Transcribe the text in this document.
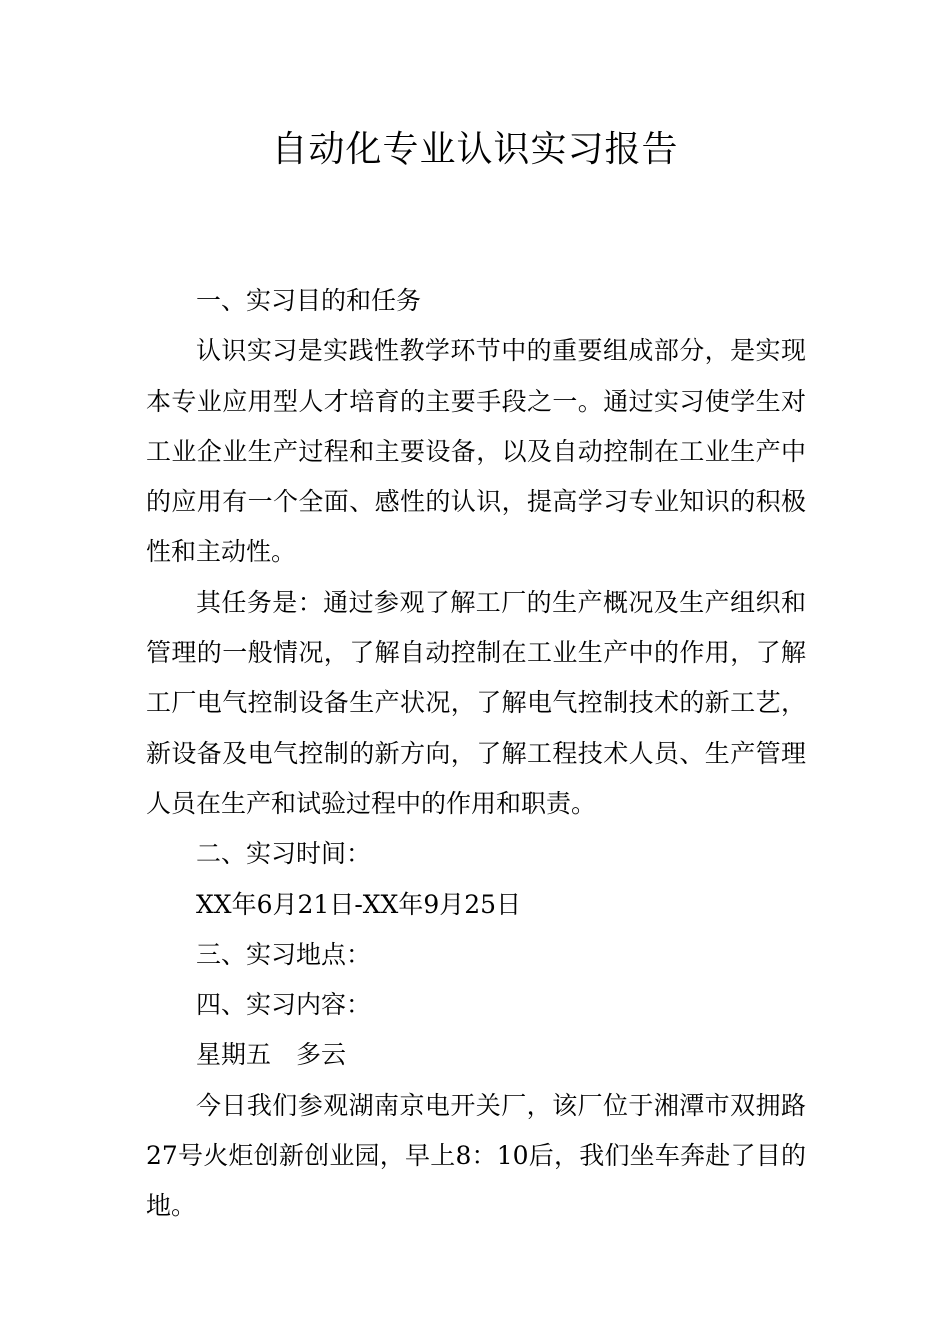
自动化专业认识实习报告

一、实习目的和任务

认识实习是实践性教学环节中的重要组成部分，是实现本专业应用型人才培育的主要手段之一。通过实习使学生对工业企业生产过程和主要设备，以及自动控制在工业生产中的应用有一个全面、感性的认识，提高学习专业知识的积极性和主动性。

其任务是：通过参观了解工厂的生产概况及生产组织和管理的一般情况，了解自动控制在工业生产中的作用，了解工厂电气控制设备生产状况，了解电气控制技术的新工艺，新设备及电气控制的新方向，了解工程技术人员、生产管理人员在生产和试验过程中的作用和职责。

二、实习时间：

XX年6月21日-XX年9月25日

三、实习地点：

四、实习内容：

星期五　多云

今日我们参观湖南京电开关厂，该厂位于湘潭市双拥路27号火炬创新创业园，早上8：10后，我们坐车奔赴了目的地。
